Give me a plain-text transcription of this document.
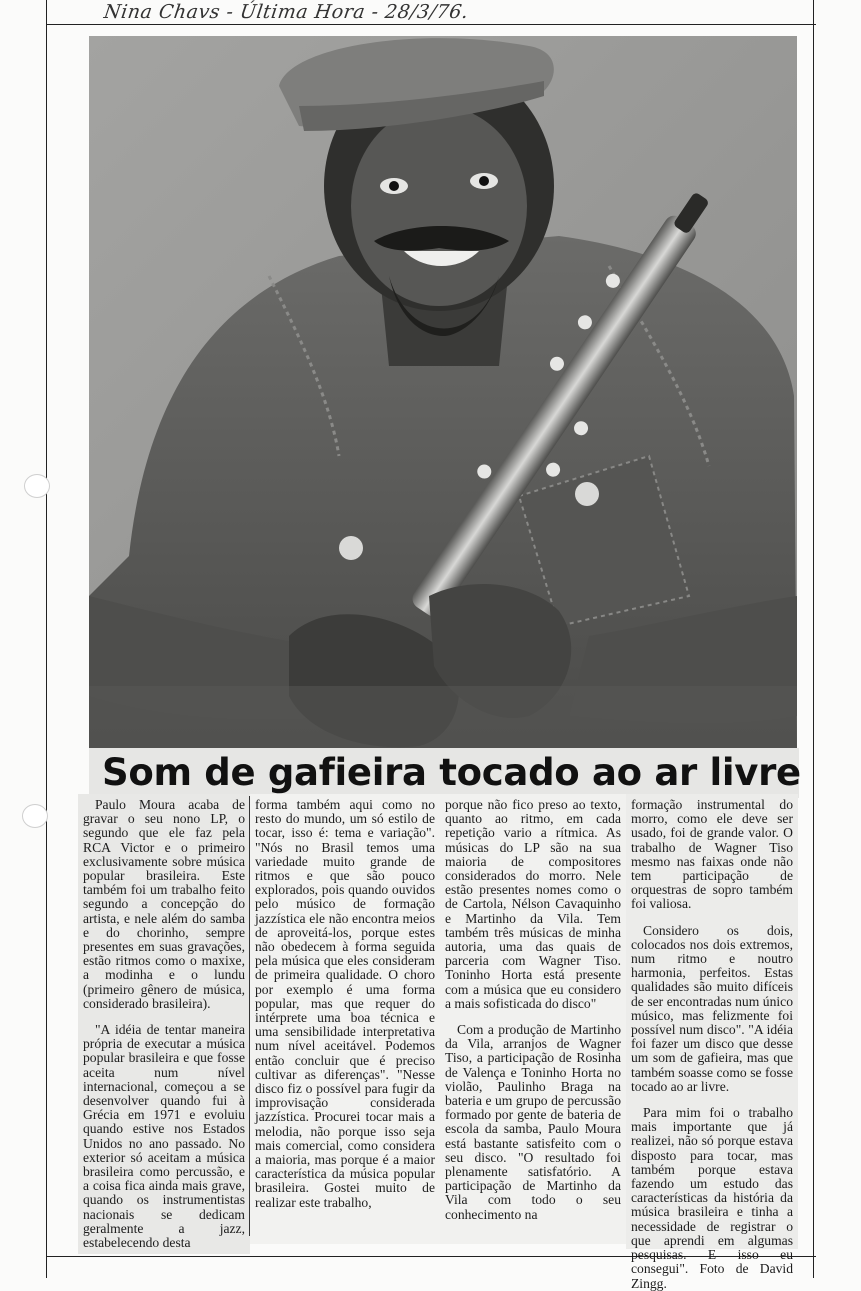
Nina Chavs - Última Hora - 28/3/76.
Som de gafieira tocado ao ar livre

Paulo Moura acaba de gravar o seu nono LP, o segundo que ele faz pela RCA Victor e o primeiro exclusivamente sobre música popular brasileira. Este também foi um trabalho feito segundo a concepção do artista, e nele além do samba e do chorinho, sempre presentes em suas gravações, estão ritmos como o maxixe, a modinha e o lundu (primeiro gênero de música, considerado brasileira).

"A idéia de tentar maneira própria de executar a música popular brasileira e que fosse aceita num nível internacional, começou a se desenvolver quando fui à Grécia em 1971 e evoluiu quando estive nos Estados Unidos no ano passado. No exterior só aceitam a música brasileira como percussão, e a coisa fica ainda mais grave, quando os instrumentistas nacionais se dedicam geralmente a jazz, estabelecendo desta

forma também aqui como no resto do mundo, um só estilo de tocar, isso é: tema e variação". "Nós no Brasil temos uma variedade muito grande de ritmos e que são pouco explorados, pois quando ouvidos pelo músico de formação jazzística ele não encontra meios de aproveitá-los, porque estes não obedecem à forma seguida pela música que eles consideram de primeira qualidade. O choro por exemplo é uma forma popular, mas que requer do intérprete uma boa técnica e uma sensibilidade interpretativa num nível aceitável. Podemos então concluir que é preciso cultivar as diferenças". "Nesse disco fiz o possível para fugir da improvisação considerada jazzística. Procurei tocar mais a melodia, não porque isso seja mais comercial, como considera a maioria, mas porque é a maior característica da música popular brasileira. Gostei muito de realizar este trabalho,

porque não fico preso ao texto, quanto ao ritmo, em cada repetição vario a rítmica. As músicas do LP são na sua maioria de compositores considerados do morro. Nele estão presentes nomes como o de Cartola, Nélson Cavaquinho e Martinho da Vila. Tem também três músicas de minha autoria, uma das quais de parceria com Wagner Tiso. Toninho Horta está presente com a música que eu considero a mais sofisticada do disco"

Com a produção de Martinho da Vila, arranjos de Wagner Tiso, a participação de Rosinha de Valença e Toninho Horta no violão, Paulinho Braga na bateria e um grupo de percussão formado por gente de bateria de escola da samba, Paulo Moura está bastante satisfeito com o seu disco. "O resultado foi plenamente satisfatório. A participação de Martinho da Vila com todo o seu conhecimento na

formação instrumental do morro, como ele deve ser usado, foi de grande valor. O trabalho de Wagner Tiso mesmo nas faixas onde não tem participação de orquestras de sopro também foi valiosa.

Considero os dois, colocados nos dois extremos, num ritmo e noutro harmonia, perfeitos. Estas qualidades são muito difíceis de ser encontradas num único músico, mas felizmente foi possível num disco". "A idéia foi fazer um disco que desse um som de gafieira, mas que também soasse como se fosse tocado ao ar livre.

Para mim foi o trabalho mais importante que já realizei, não só porque estava disposto para tocar, mas também porque estava fazendo um estudo das características da história da música brasileira e tinha a necessidade de registrar o que aprendi em algumas pesquisas. E isso eu consegui". Foto de David Zingg.
